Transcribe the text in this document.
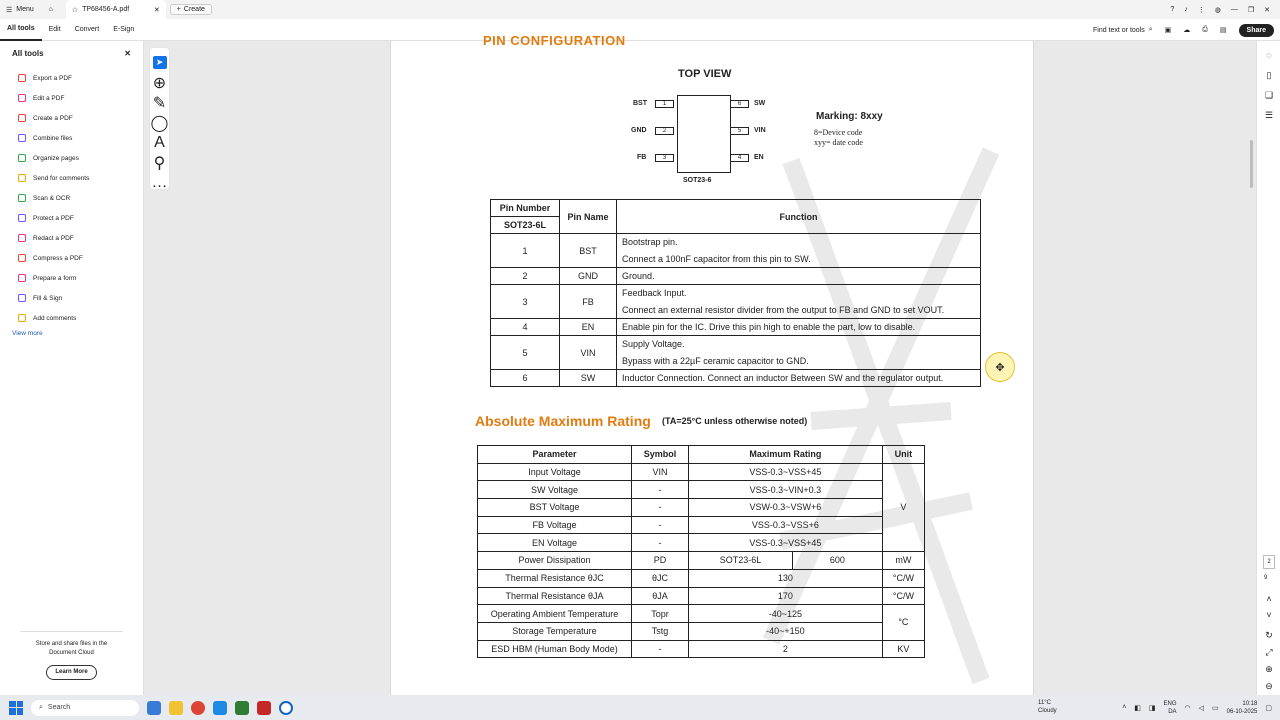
☰ Menu	⌂	☆ TP68456-A.pdf	✕ + Create	? ♪ ⋮ ◍ — ❐ ✕
All tools	Edit	Convert	E-Sign	Find text or tools ⌕ ▣ ☁ ⎙ ▤	Share
All tools	✕
Export a PDF
Edit a PDF
Create a PDF
Combine files
Organize pages
Send for comments
Scan & OCR
Protect a PDF
Redact a PDF
Compress a PDF
Prepare a form
Fill & Sign
Add comments
View more
Store and share files in the
Document Cloud
Learn More
PIN CONFIGURATION
TOP VIEW
1
2
3
6
5
4
BST
GND
FB
SW
VIN
EN
SOT23-6
Marking: 8xxy
8=Device code
xyy= date code
Pin Number	Pin Name	Function
SOT23-6L		
1	BST	Bootstrap pin.
		Connect a 100nF capacitor from this pin to SW.
2	GND	Ground.
3	FB	Feedback Input.
		Connect an external resistor divider from the output to FB and GND to set VOUT.
4	EN	Enable pin for the IC. Drive this pin high to enable the part, low to disable.
5	VIN	Supply Voltage.
		Bypass with a 22µF ceramic capacitor to GND.
6	SW	Inductor Connection. Connect an inductor Between SW and the regulator output.
Absolute Maximum Rating (TA=25°C unless otherwise noted)
Parameter	Symbol	Maximum Rating		Unit
Input Voltage	VIN	VSS-0.3~VSS+45		V
SW Voltage	-	VSS-0.3~VIN+0.3		
BST Voltage	-	VSW-0.3~VSW+6		
FB Voltage	-	VSS-0.3~VSS+6		
EN Voltage	-	VSS-0.3~VSS+45		
Power Dissipation	PD	SOT23-6L	600	mW
Thermal Resistance θJC	θJC	130		°C/W
Thermal Resistance θJA	θJA	170		°C/W
Operating Ambient Temperature	Topr	-40~125		°C
Storage Temperature	Tstg	-40~+150		
ESD HBM (Human Body Mode)	-	2		KV
✥
➤
⊕
✎
◯
A
⚲
…
◌
▯
❏
☰
2
9
˄
˅
↻
⤢
⊕
⊖
⌕ Search
11°C
Cloudy	˄ ◧ ◨
ENG
DA ◠ ◁ ▭
10:18
06-10-2025 ▢
